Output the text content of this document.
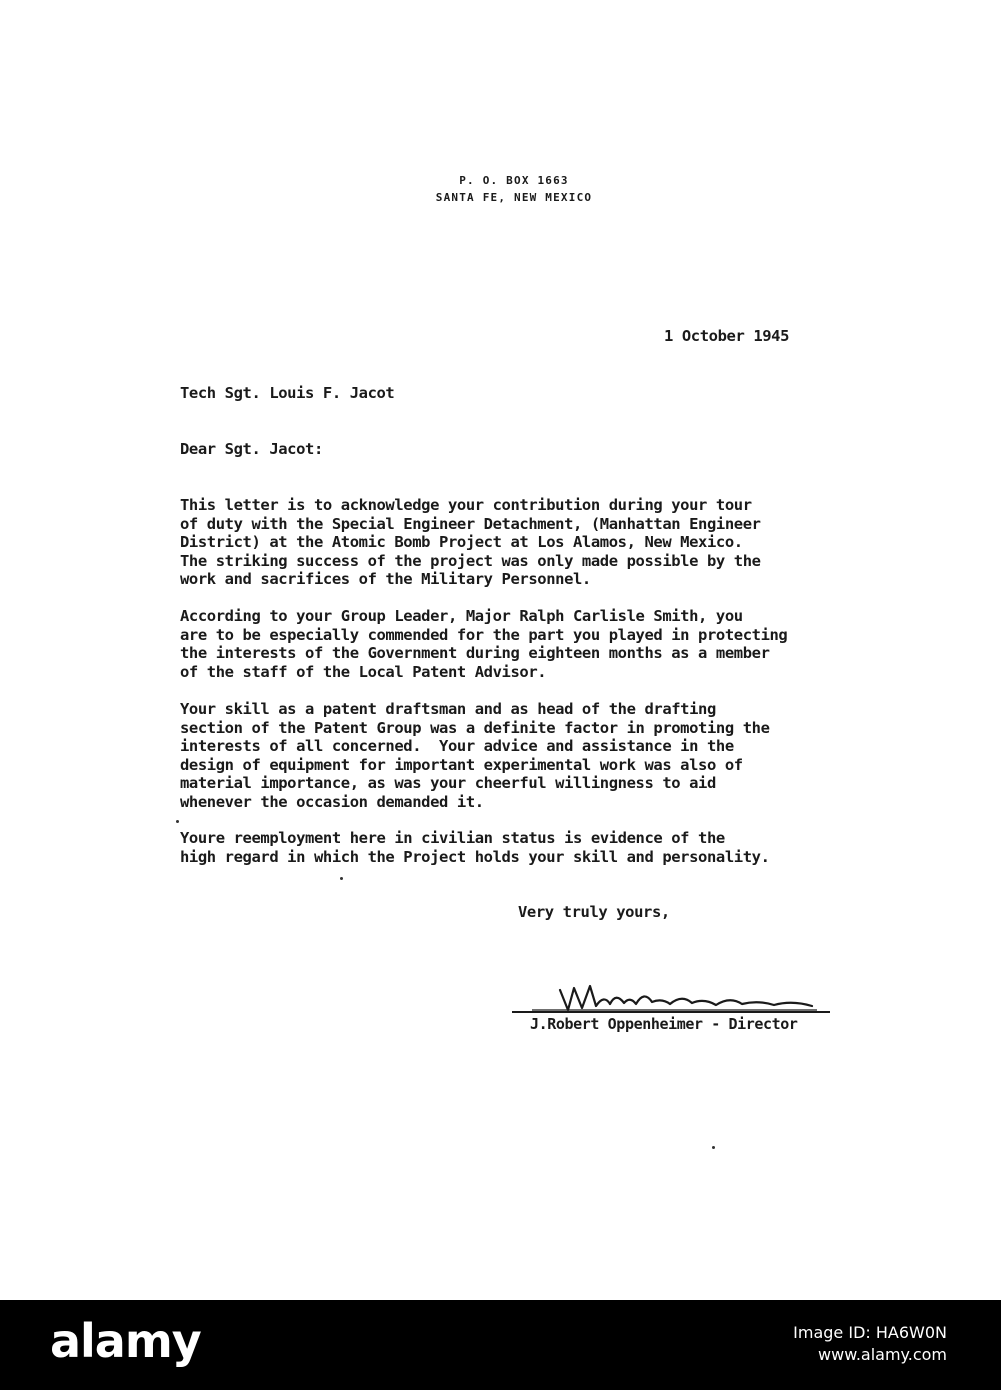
P. O. BOX 1663
SANTA FE, NEW MEXICO
1 October 1945
Tech Sgt. Louis F. Jacot
Dear Sgt. Jacot:
This letter is to acknowledge your contribution during your tour
of duty with the Special Engineer Detachment, (Manhattan Engineer
District) at the Atomic Bomb Project at Los Alamos, New Mexico.
The striking success of the project was only made possible by the
work and sacrifices of the Military Personnel.
According to your Group Leader, Major Ralph Carlisle Smith, you
are to be especially commended for the part you played in protecting
the interests of the Government during eighteen months as a member
of the staff of the Local Patent Advisor.
Your skill as a patent draftsman and as head of the drafting
section of the Patent Group was a definite factor in promoting the
interests of all concerned.  Your advice and assistance in the
design of equipment for important experimental work was also of
material importance, as was your cheerful willingness to aid
whenever the occasion demanded it.
Youre reemployment here in civilian status is evidence of the
high regard in which the Project holds your skill and personality.
Very truly yours,
J.Robert Oppenheimer - Director
alamy	Image ID: HA6W0N
www.alamy.com
